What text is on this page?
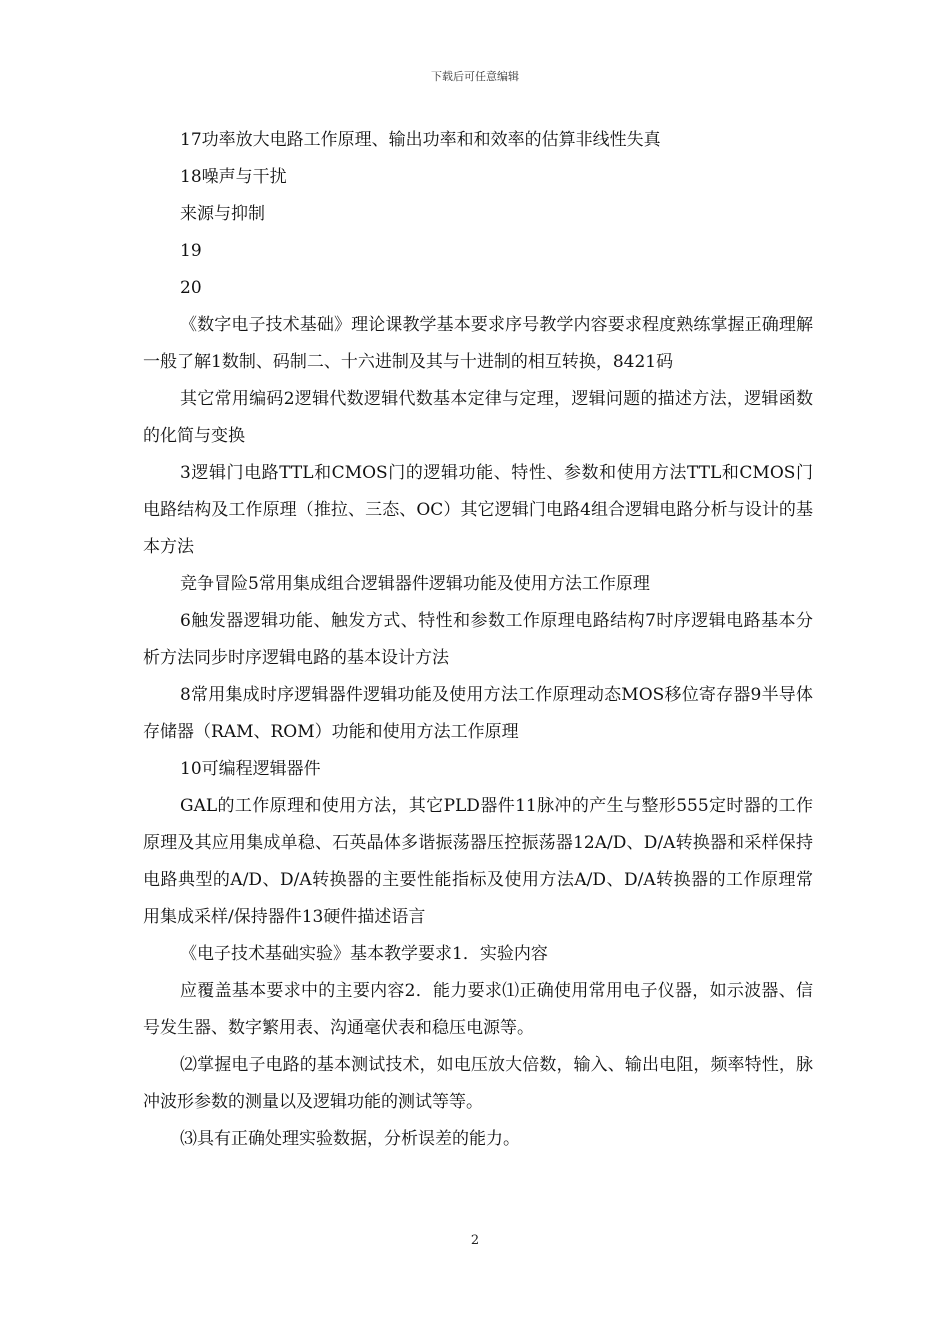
下载后可任意编辑

17功率放大电路工作原理、输出功率和和效率的估算非线性失真

18噪声与干扰

来源与抑制

19

20

《数字电子技术基础》理论课教学基本要求序号教学内容要求程度熟练掌握正确理解一般了解1数制、码制二、十六进制及其与十进制的相互转换，8421码

其它常用编码2逻辑代数逻辑代数基本定律与定理，逻辑问题的描述方法，逻辑函数的化简与变换

3逻辑门电路TTL和CMOS门的逻辑功能、特性、参数和使用方法TTL和CMOS门电路结构及工作原理（推拉、三态、OC）其它逻辑门电路4组合逻辑电路分析与设计的基本方法

竞争冒险5常用集成组合逻辑器件逻辑功能及使用方法工作原理

6触发器逻辑功能、触发方式、特性和参数工作原理电路结构7时序逻辑电路基本分析方法同步时序逻辑电路的基本设计方法

8常用集成时序逻辑器件逻辑功能及使用方法工作原理动态MOS移位寄存器9半导体存储器（RAM、ROM）功能和使用方法工作原理

10可编程逻辑器件

GAL的工作原理和使用方法，其它PLD器件11脉冲的产生与整形555定时器的工作原理及其应用集成单稳、石英晶体多谐振荡器压控振荡器12A/D、D/A转换器和采样保持电路典型的A/D、D/A转换器的主要性能指标及使用方法A/D、D/A转换器的工作原理常用集成采样/保持器件13硬件描述语言

《电子技术基础实验》基本教学要求1．实验内容

应覆盖基本要求中的主要内容2．能力要求⑴正确使用常用电子仪器，如示波器、信号发生器、数字繁用表、沟通毫伏表和稳压电源等。

⑵掌握电子电路的基本测试技术，如电压放大倍数，输入、输出电阻，频率特性，脉冲波形参数的测量以及逻辑功能的测试等等。

⑶具有正确处理实验数据，分析误差的能力。

2
